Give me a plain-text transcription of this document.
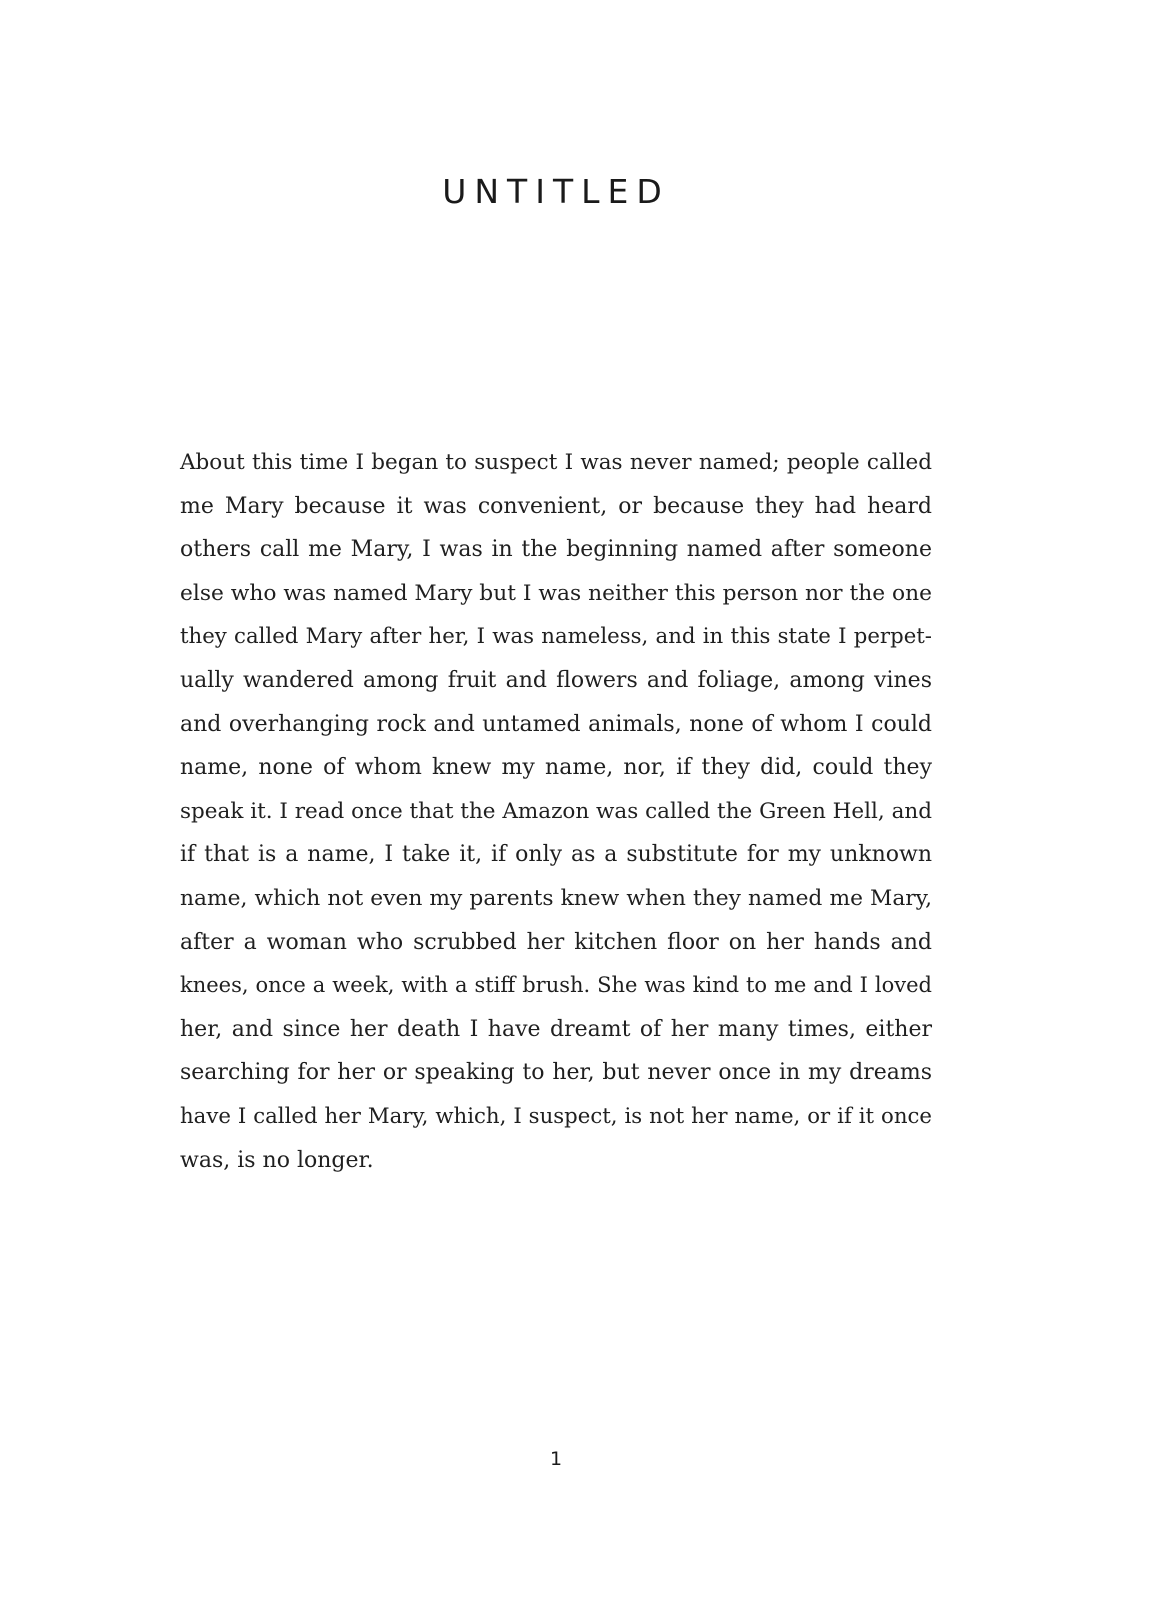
UNTITLED
About this time I began to suspect I was never named; people called
me Mary because it was convenient, or because they had heard
others call me Mary, I was in the beginning named after someone
else who was named Mary but I was neither this person nor the one
they called Mary after her, I was nameless, and in this state I perpet-
ually wandered among fruit and flowers and foliage, among vines
and overhanging rock and untamed animals, none of whom I could
name, none of whom knew my name, nor, if they did, could they
speak it. I read once that the Amazon was called the Green Hell, and
if that is a name, I take it, if only as a substitute for my unknown
name, which not even my parents knew when they named me Mary,
after a woman who scrubbed her kitchen floor on her hands and
knees, once a week, with a stiff brush. She was kind to me and I loved
her, and since her death I have dreamt of her many times, either
searching for her or speaking to her, but never once in my dreams
have I called her Mary, which, I suspect, is not her name, or if it once
was, is no longer.
1
